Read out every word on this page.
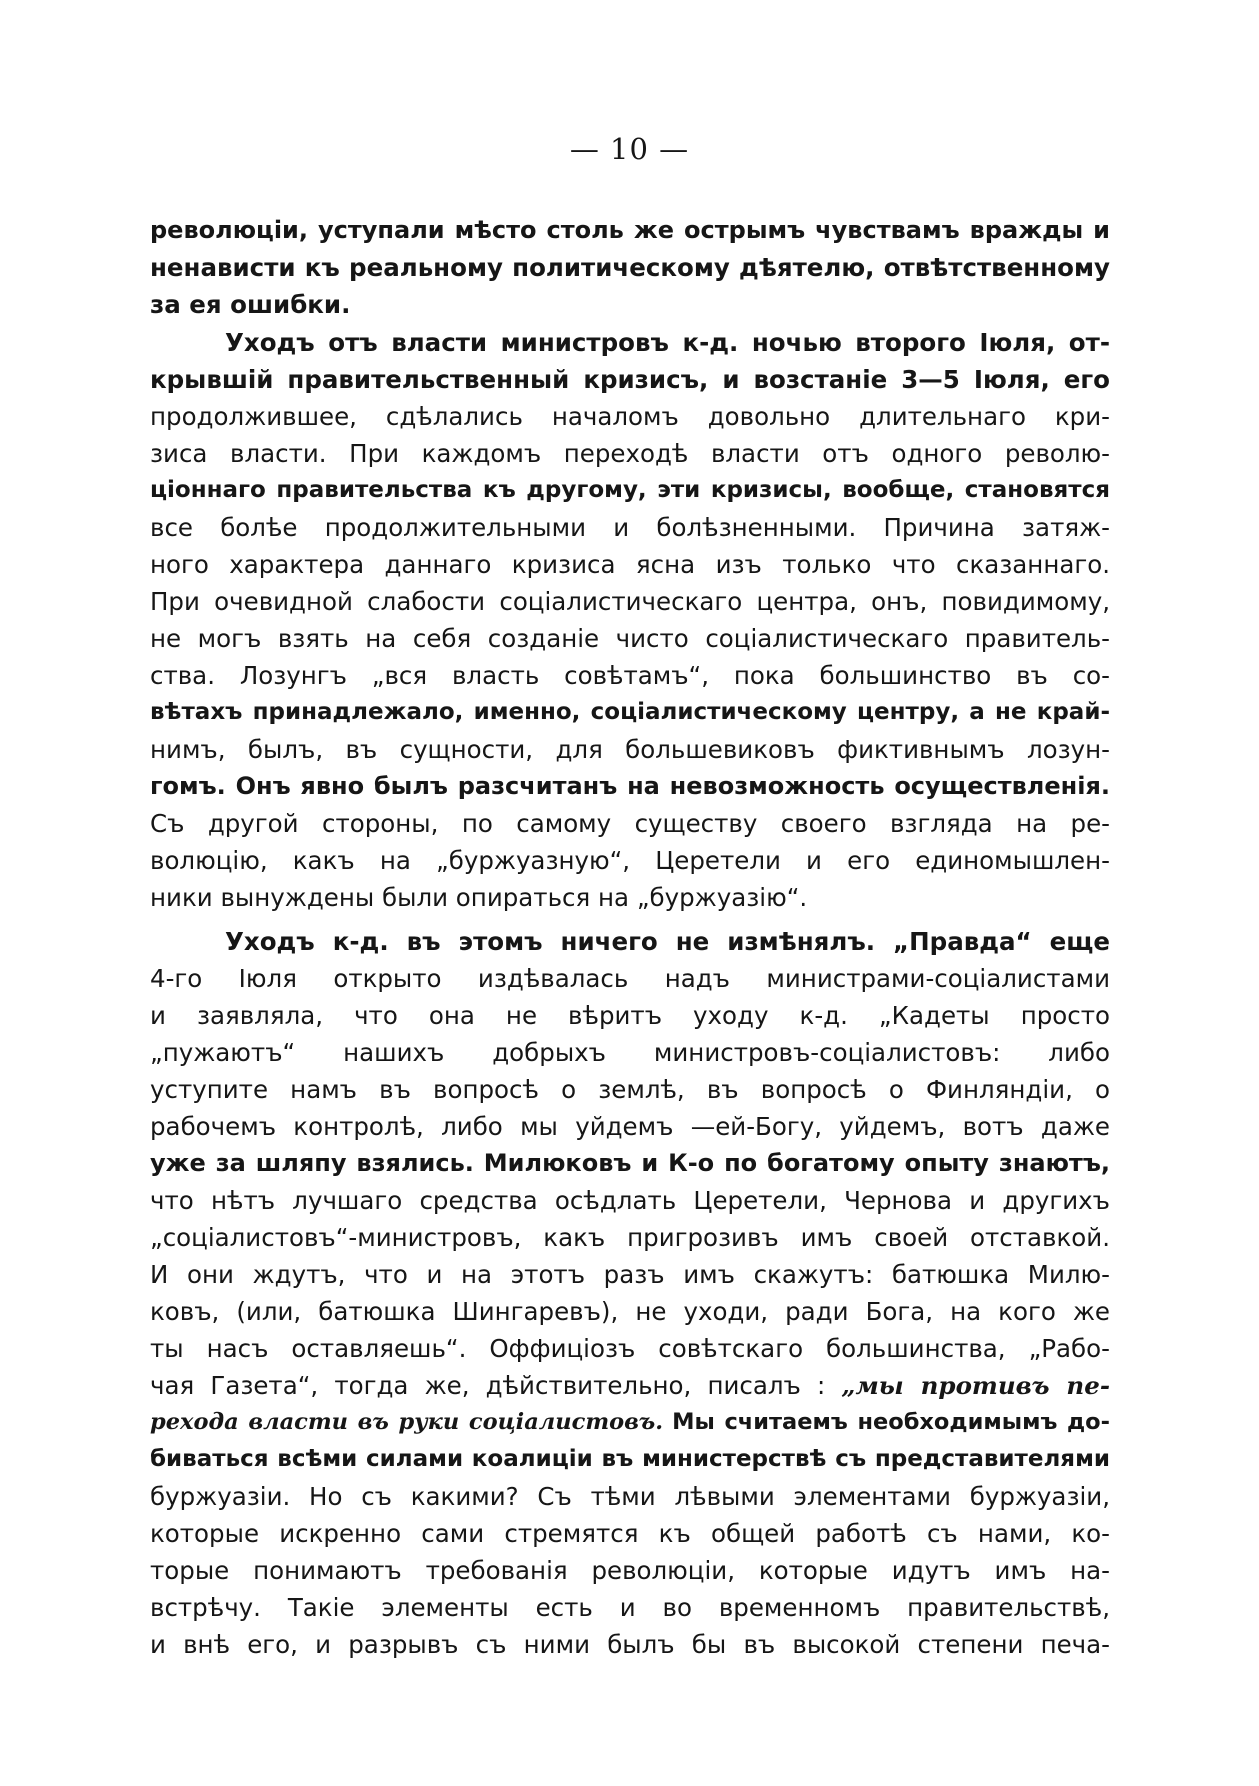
— 10 —
революціи, уступали мѣсто столь же острымъ чувствамъ вражды и
ненависти къ реальному политическому дѣятелю, отвѣтственному
за ея ошибки.
Уходъ отъ власти министровъ к-д. ночью второго Іюля, от-
крывшій правительственный кризисъ, и возстаніе 3—5 Іюля, его
продолжившее, сдѣлались началомъ довольно длительнаго кри-
зиса власти. При каждомъ переходѣ власти отъ одного револю-
ціоннаго правительства къ другому, эти кризисы, вообще, становятся
все болѣе продолжительными и болѣзненными. Причина затяж-
ного характера даннаго кризиса ясна изъ только что сказаннаго.
При очевидной слабости соціалистическаго центра, онъ, повидимому,
не могъ взять на себя созданіе чисто соціалистическаго правитель-
ства. Лозунгъ „вся власть совѣтамъ“, пока большинство въ со-
вѣтахъ принадлежало, именно, соціалистическому центру, а не край-
нимъ, былъ, въ сущности, для большевиковъ фиктивнымъ лозун-
гомъ. Онъ явно былъ разсчитанъ на невозможность осуществленія.
Съ другой стороны, по самому существу своего взгляда на ре-
волюцію, какъ на „буржуазную“, Церетели и его единомышлен-
ники вынуждены были опираться на „буржуазію“.
Уходъ к-д. въ этомъ ничего не измѣнялъ. „Правда“ еще
4-го Іюля открыто издѣвалась надъ министрами-соціалистами
и заявляла, что она не вѣритъ уходу к-д. „Кадеты просто
„пужаютъ“ нашихъ добрыхъ министровъ-соціалистовъ: либо
уступите намъ въ вопросѣ о землѣ, въ вопросѣ о Финляндіи, о
рабочемъ контролѣ, либо мы уйдемъ —ей-Богу, уйдемъ, вотъ даже
уже за шляпу взялись. Милюковъ и К-о по богатому опыту знаютъ,
что нѣтъ лучшаго средства осѣдлать Церетели, Чернова и другихъ
„соціалистовъ“-министровъ, какъ пригрозивъ имъ своей отставкой.
И они ждутъ, что и на этотъ разъ имъ скажутъ: батюшка Милю-
ковъ, (или, батюшка Шингаревъ), не уходи, ради Бога, на кого же
ты насъ оставляешь“. Оффиціозъ совѣтскаго большинства, „Рабо-
чая Газета“, тогда же, дѣйствительно, писалъ : „мы противъ пе-
рехода власти въ руки соціалистовъ. Мы считаемъ необходимымъ до-
биваться всѣми силами коалиціи въ министерствѣ съ представителями
буржуазіи. Но съ какими? Съ тѣми лѣвыми элементами буржуазіи,
которые искренно сами стремятся къ общей работѣ съ нами, ко-
торые понимаютъ требованія революціи, которые идутъ имъ на-
встрѣчу. Такіе элементы есть и во временномъ правительствѣ,
и внѣ его, и разрывъ съ ними былъ бы въ высокой степени печа-
